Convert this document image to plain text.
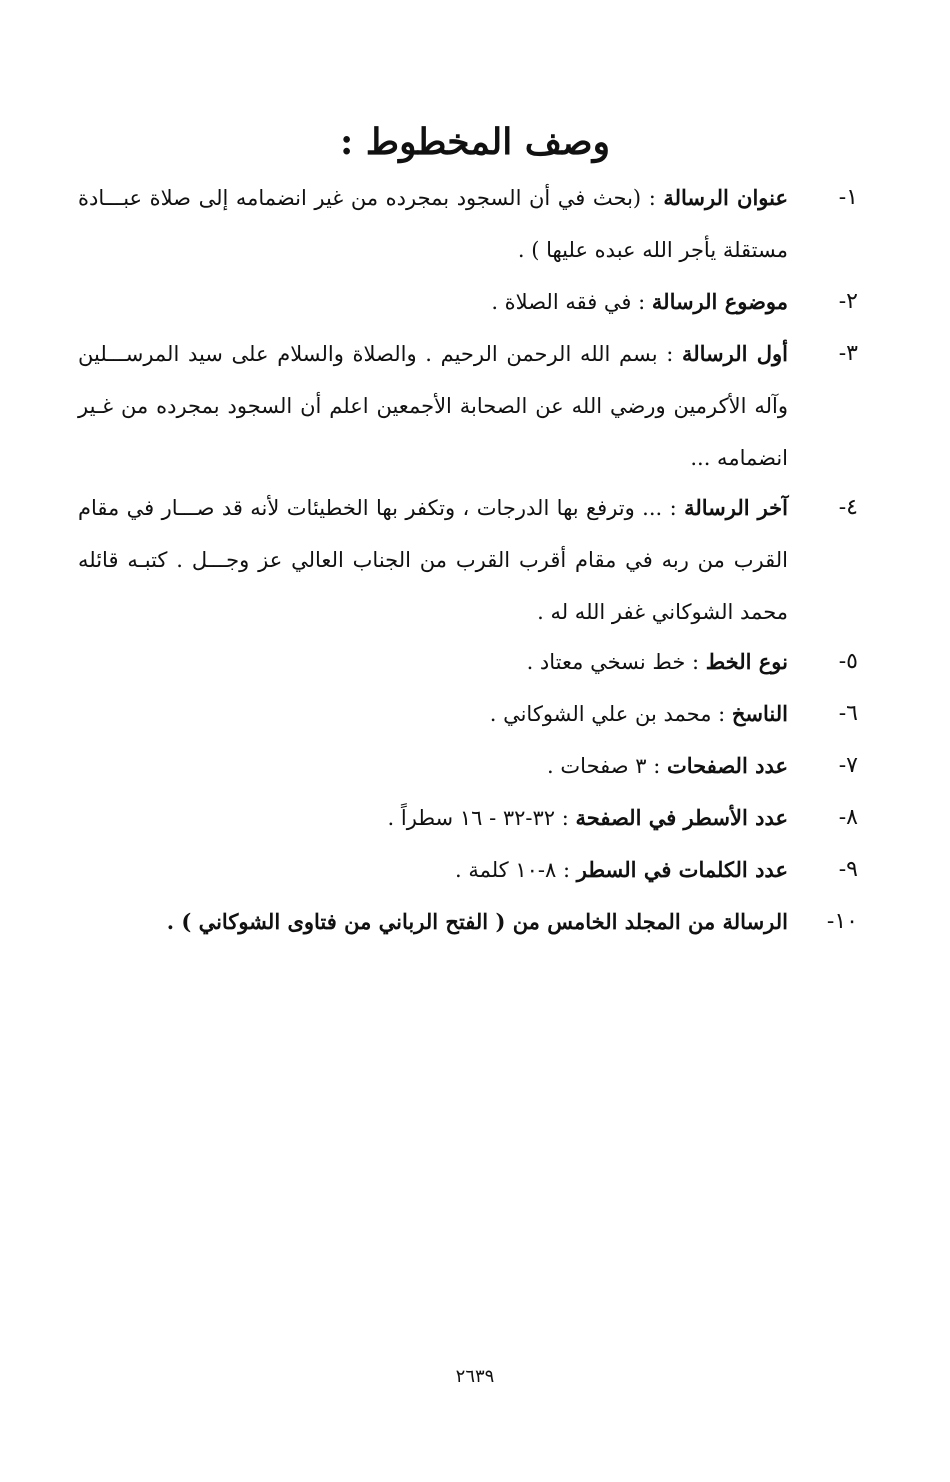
وصف المخطوط :
١-
عنوان الرسالة : (بحث في أن السجود بمجرده من غير انضمامه إلى صلاة عبـــادة مستقلة يأجر الله عبده عليها ) .
٢-
موضوع الرسالة : في فقه الصلاة .
٣-
أول الرسالة : بسم الله الرحمن الرحيم . والصلاة والسلام على سيد المرســـلين وآله الأكرمين ورضي الله عن الصحابة الأجمعين اعلم أن السجود بمجرده من غـير انضمامه ...
٤-
آخر الرسالة : ... وترفع بها الدرجات ، وتكفر بها الخطيئات لأنه قد صـــار في مقام القرب من ربه في مقام أقرب القرب من الجناب العالي عز وجـــل . كتبـه قائله محمد الشوكاني غفر الله له .
٥-
نوع الخط : خط نسخي معتاد .
٦-
الناسخ : محمد بن علي الشوكاني .
٧-
عدد الصفحات : ٣ صفحات .
٨-
عدد الأسطر في الصفحة : ٣٢-٣٢ - ١٦ سطراً .
٩-
عدد الكلمات في السطر : ٨-١٠ كلمة .
١٠-
الرسالة من المجلد الخامس من ( الفتح الرباني من فتاوى الشوكاني ) .
٢٦٣٩
